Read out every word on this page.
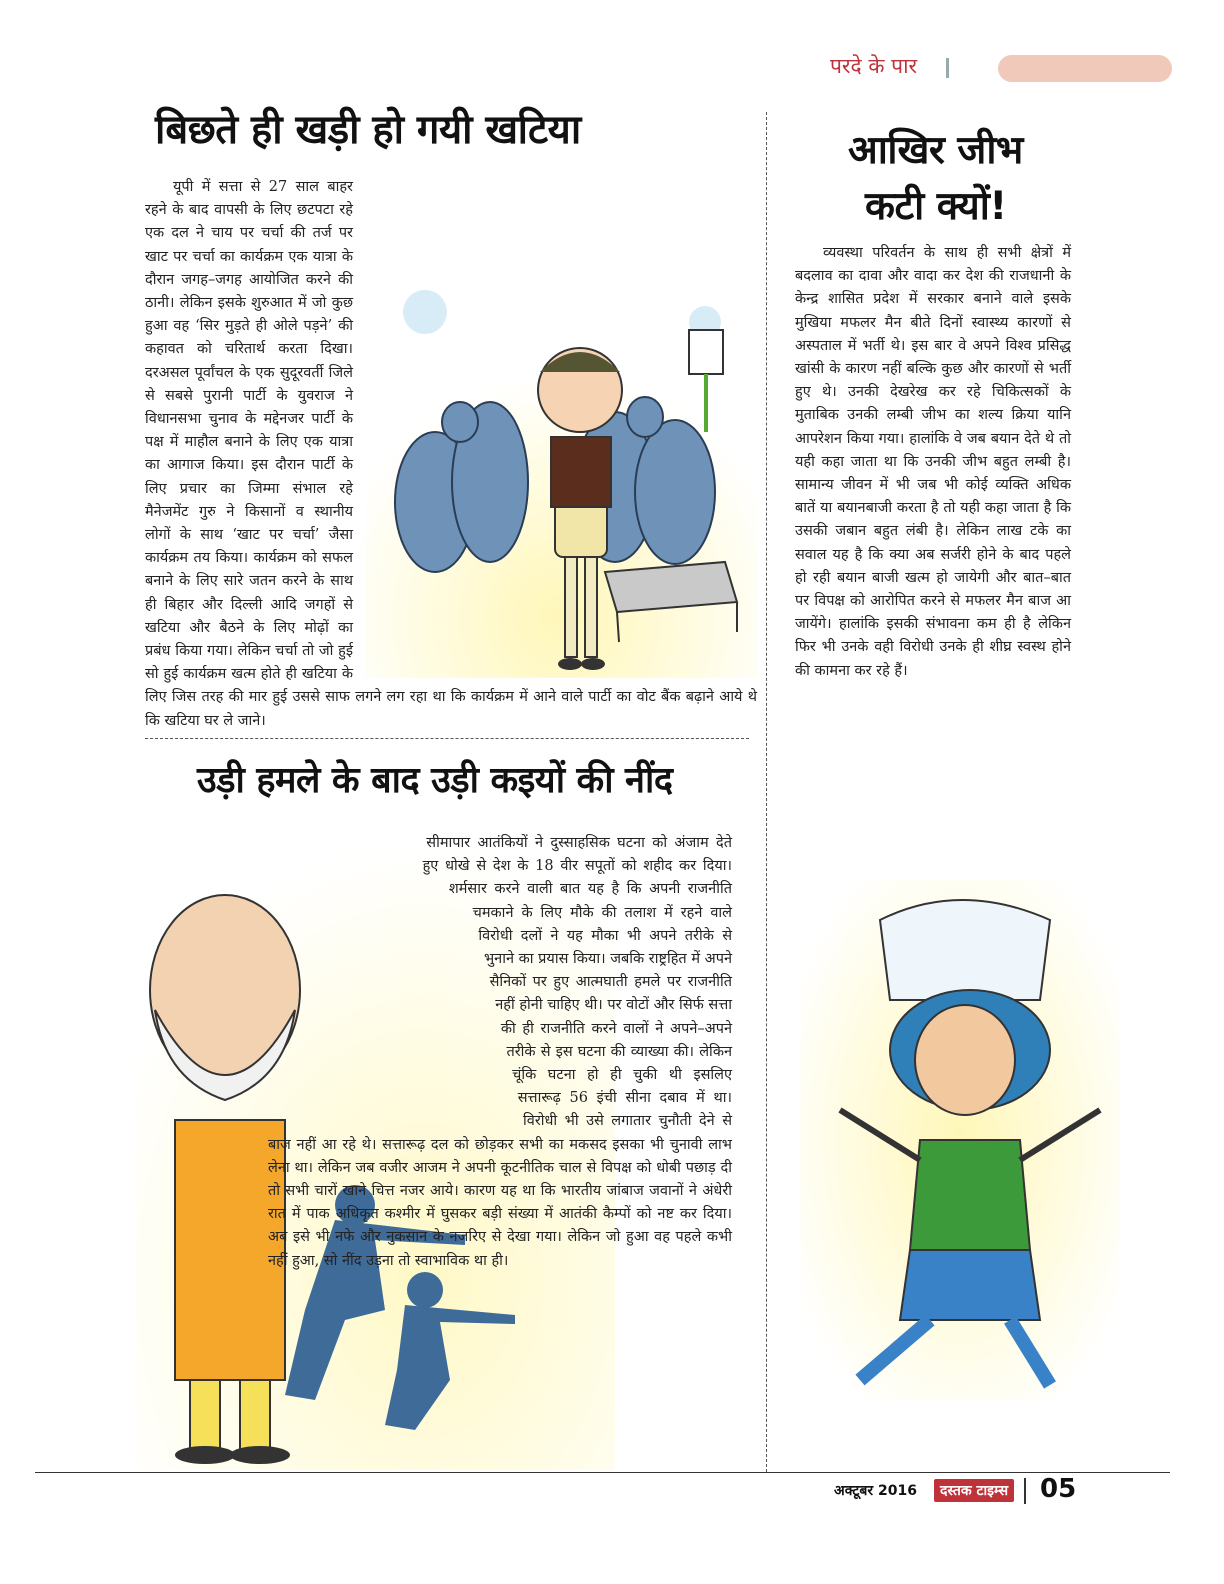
परदे के पार
बिछते ही खड़ी हो गयी खटिया

यूपी में सत्ता से 27 साल बाहर रहने के बाद वापसी के लिए छटपटा रहे एक दल ने चाय पर चर्चा की तर्ज पर खाट पर चर्चा का कार्यक्रम एक यात्रा के दौरान जगह–जगह आयोजित करने की ठानी। लेकिन इसके शुरुआत में जो कुछ हुआ वह ‘सिर मुड़ते ही ओले पड़ने’ की कहावत को चरितार्थ करता दिखा। दरअसल पूर्वांचल के एक सुदूरवर्ती जिले से सबसे पुरानी पार्टी के युवराज ने विधानसभा चुनाव के मद्देनजर पार्टी के पक्ष में माहौल बनाने के लिए एक यात्रा का आगाज किया। इस दौरान पार्टी के लिए प्रचार का जिम्मा संभाल रहे मैनेजमेंट गुरु ने किसानों व स्थानीय लोगों के साथ ‘खाट पर चर्चा’ जैसा कार्यक्रम तय किया। कार्यक्रम को सफल बनाने के लिए सारे जतन करने के साथ ही बिहार और दिल्ली आदि जगहों से खटिया और बैठने के लिए मोढ़ों का प्रबंध किया गया। लेकिन चर्चा तो जो हुई सो हुई कार्यक्रम खत्म होते ही खटिया के लिए जिस तरह की मार हुई उससे साफ लगने लग रहा था कि कार्यक्रम में आने वाले पार्टी का वोट बैंक बढ़ाने आये थे कि खटिया घर ले जाने।

आखिर जीभ
कटी क्यों!

व्यवस्था परिवर्तन के साथ ही सभी क्षेत्रों में बदलाव का दावा और वादा कर देश की राजधानी के केन्द्र शासित प्रदेश में सरकार बनाने वाले इसके मुखिया मफलर मैन बीते दिनों स्वास्थ्य कारणों से अस्पताल में भर्ती थे। इस बार वे अपने विश्व प्रसिद्ध खांसी के कारण नहीं बल्कि कुछ और कारणों से भर्ती हुए थे। उनकी देखरेख कर रहे चिकित्सकों के मुताबिक उनकी लम्बी जीभ का शल्य क्रिया यानि आपरेशन किया गया। हालांकि वे जब बयान देते थे तो यही कहा जाता था कि उनकी जीभ बहुत लम्बी है। सामान्य जीवन में भी जब भी कोई व्यक्ति अधिक बातें या बयानबाजी करता है तो यही कहा जाता है कि उसकी जबान बहुत लंबी है। लेकिन लाख टके का सवाल यह है कि क्या अब सर्जरी होने के बाद पहले हो रही बयान बाजी खत्म हो जायेगी और बात–बात पर विपक्ष को आरोपित करने से मफलर मैन बाज आ जायेंगे। हालांकि इसकी संभावना कम ही है लेकिन फिर भी उनके वही विरोधी उनके ही शीघ्र स्वस्थ होने की कामना कर रहे हैं।

उड़ी हमले के बाद उड़ी कइयों की नींद

सीमापार आतंकियों ने दुस्साहसिक घटना को अंजाम देते हुए धोखे से देश के 18 वीर सपूतों को शहीद कर दिया। शर्मसार करने वाली बात यह है कि अपनी राजनीति चमकाने के लिए मौके की तलाश में रहने वाले विरोधी दलों ने यह मौका भी अपने तरीके से भुनाने का प्रयास किया। जबकि राष्ट्रहित में अपने सैनिकों पर हुए आत्मघाती हमले पर राजनीति नहीं होनी चाहिए थी। पर वोटों और सिर्फ सत्ता की ही राजनीति करने वालों ने अपने–अपने तरीके से इस घटना की व्याख्या की। लेकिन चूंकि घटना हो ही चुकी थी इसलिए सत्तारूढ़ 56 इंची सीना दबाव में था। विरोधी भी उसे लगातार चुनौती देने से बाज नहीं आ रहे थे। सत्तारूढ़ दल को छोड़कर सभी का मकसद इसका भी चुनावी लाभ लेना था। लेकिन जब वजीर आजम ने अपनी कूटनीतिक चाल से विपक्ष को धोबी पछाड़ दी तो सभी चारों खाने चित्त नजर आये। कारण यह था कि भारतीय जांबाज जवानों ने अंधेरी रात में पाक अधिकृत कश्मीर में घुसकर बड़ी संख्या में आतंकी कैम्पों को नष्ट कर दिया। अब इसे भी नफे और नुकसान के नजरिए से देखा गया। लेकिन जो हुआ वह पहले कभी नहीं हुआ, सो नींद उड़ना तो स्वाभाविक था ही।

अक्टूबर 2016	दस्तक टाइम्स 05
